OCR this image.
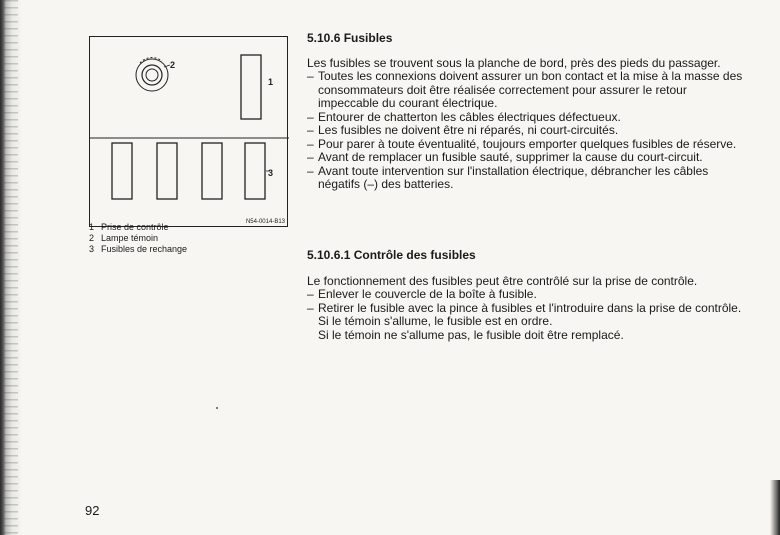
2
1
3
N54-0014-B13
1 Prise de contrôle
2 Lampe témoin
3 Fusibles de rechange
5.10.6 Fusibles
Les fusibles se trouvent sous la planche de bord, près des pieds du passager.
– Toutes les connexions doivent assurer un bon contact et la mise à la masse des
consommateurs doit être réalisée correctement pour assurer le retour
impeccable du courant électrique.
– Entourer de chatterton les câbles électriques défectueux.
– Les fusibles ne doivent être ni réparés, ni court-circuités.
– Pour parer à toute éventualité, toujours emporter quelques fusibles de réserve.
– Avant de remplacer un fusible sauté, supprimer la cause du court-circuit.
– Avant toute intervention sur l'installation électrique, débrancher les câbles
négatifs (–) des batteries.
5.10.6.1 Contrôle des fusibles
Le fonctionnement des fusibles peut être contrôlé sur la prise de contrôle.
– Enlever le couvercle de la boîte à fusible.
– Retirer le fusible avec la pince à fusibles et l'introduire dans la prise de contrôle.
Si le témoin s'allume, le fusible est en ordre.
Si le témoin ne s'allume pas, le fusible doit être remplacé.
92
